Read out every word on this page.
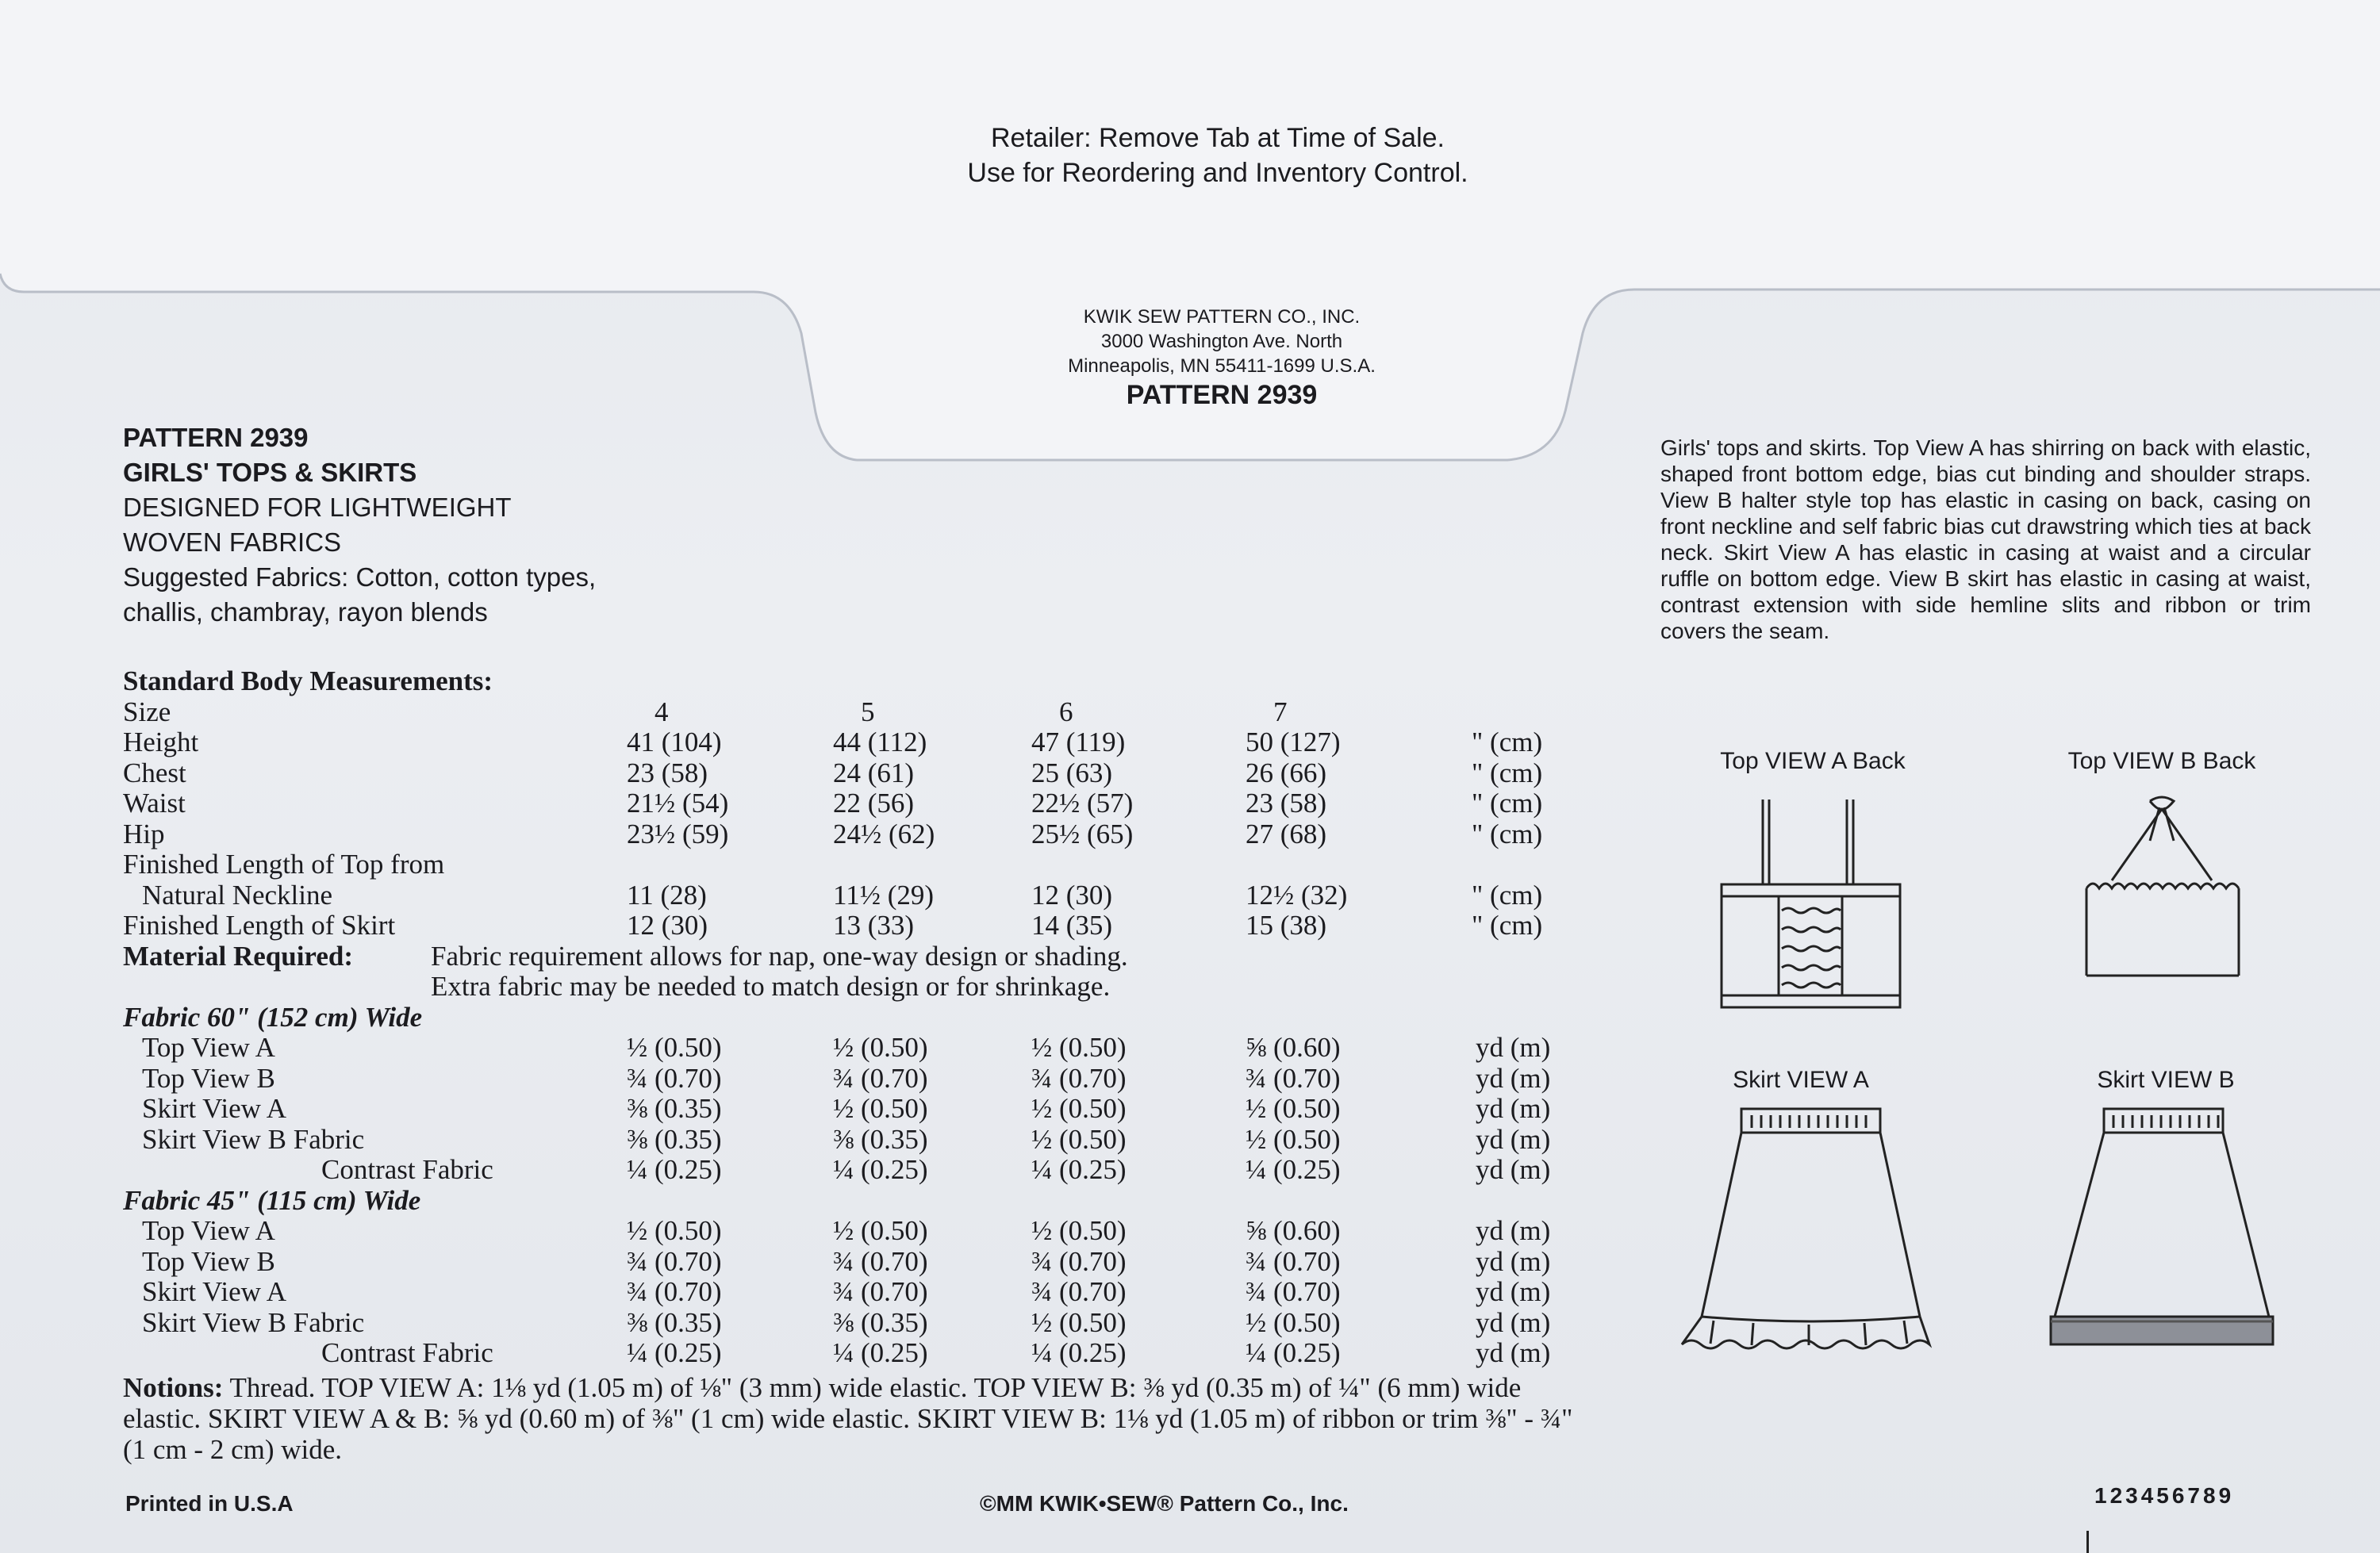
Retailer: Remove Tab at Time of Sale.
Use for Reordering and Inventory Control.
KWIK SEW PATTERN CO., INC.
3000 Washington Ave. North
Minneapolis, MN 55411-1699 U.S.A.
PATTERN 2939
PATTERN 2939
GIRLS' TOPS & SKIRTS
DESIGNED FOR LIGHTWEIGHT
WOVEN FABRICS
Suggested Fabrics: Cotton, cotton types,
challis, chambray, rayon blends
Girls' tops and skirts. Top View A has shirring on back with elastic, shaped front bottom edge, bias cut binding and shoulder straps. View B halter style top has elastic in casing on back, casing on front neckline and self fabric bias cut drawstring which ties at back neck. Skirt View A has elastic in casing at waist and a circular ruffle on bottom edge. View B skirt has elastic in casing at waist, contrast extension with side hemline slits and ribbon or trim covers the seam.
Standard Body Measurements:
Size	4	5	6	7
Height	41 (104)	44 (112)	47 (119)	50 (127)	" (cm)
Chest	23 (58)	24 (61)	25 (63)	26 (66)	" (cm)
Waist	21½ (54)	22 (56)	22½ (57)	23 (58)	" (cm)
Hip	23½ (59)	24½ (62)	25½ (65)	27 (68)	" (cm)
Finished Length of Top from
Natural Neckline	11 (28)	11½ (29)	12 (30)	12½ (32)	" (cm)
Finished Length of Skirt	12 (30)	13 (33)	14 (35)	15 (38)	" (cm)
Material Required:	Fabric requirement allows for nap, one-way design or shading.
Extra fabric may be needed to match design or for shrinkage.
Fabric 60" (152 cm) Wide
Top View A	½ (0.50)	½ (0.50)	½ (0.50)	⅝ (0.60)	yd (m)
Top View B	¾ (0.70)	¾ (0.70)	¾ (0.70)	¾ (0.70)	yd (m)
Skirt View A	⅜ (0.35)	½ (0.50)	½ (0.50)	½ (0.50)	yd (m)
Skirt View B Fabric	⅜ (0.35)	⅜ (0.35)	½ (0.50)	½ (0.50)	yd (m)
Contrast Fabric	¼ (0.25)	¼ (0.25)	¼ (0.25)	¼ (0.25)	yd (m)
Fabric 45" (115 cm) Wide
Top View A	½ (0.50)	½ (0.50)	½ (0.50)	⅝ (0.60)	yd (m)
Top View B	¾ (0.70)	¾ (0.70)	¾ (0.70)	¾ (0.70)	yd (m)
Skirt View A	¾ (0.70)	¾ (0.70)	¾ (0.70)	¾ (0.70)	yd (m)
Skirt View B Fabric	⅜ (0.35)	⅜ (0.35)	½ (0.50)	½ (0.50)	yd (m)
Contrast Fabric	¼ (0.25)	¼ (0.25)	¼ (0.25)	¼ (0.25)	yd (m)
Top VIEW A Back	Top VIEW B Back
Skirt VIEW A	Skirt VIEW B
Notions: Thread. TOP VIEW A: 1⅛ yd (1.05 m) of ⅛" (3 mm) wide elastic. TOP VIEW B: ⅜ yd (0.35 m) of ¼" (6 mm) wide elastic. SKIRT VIEW A & B: ⅝ yd (0.60 m) of ⅜" (1 cm) wide elastic. SKIRT VIEW B: 1⅛ yd (1.05 m) of ribbon or trim ⅜" - ¾" (1 cm - 2 cm) wide.
Printed in U.S.A	©MM KWIK•SEW® Pattern Co., Inc.	123456789
